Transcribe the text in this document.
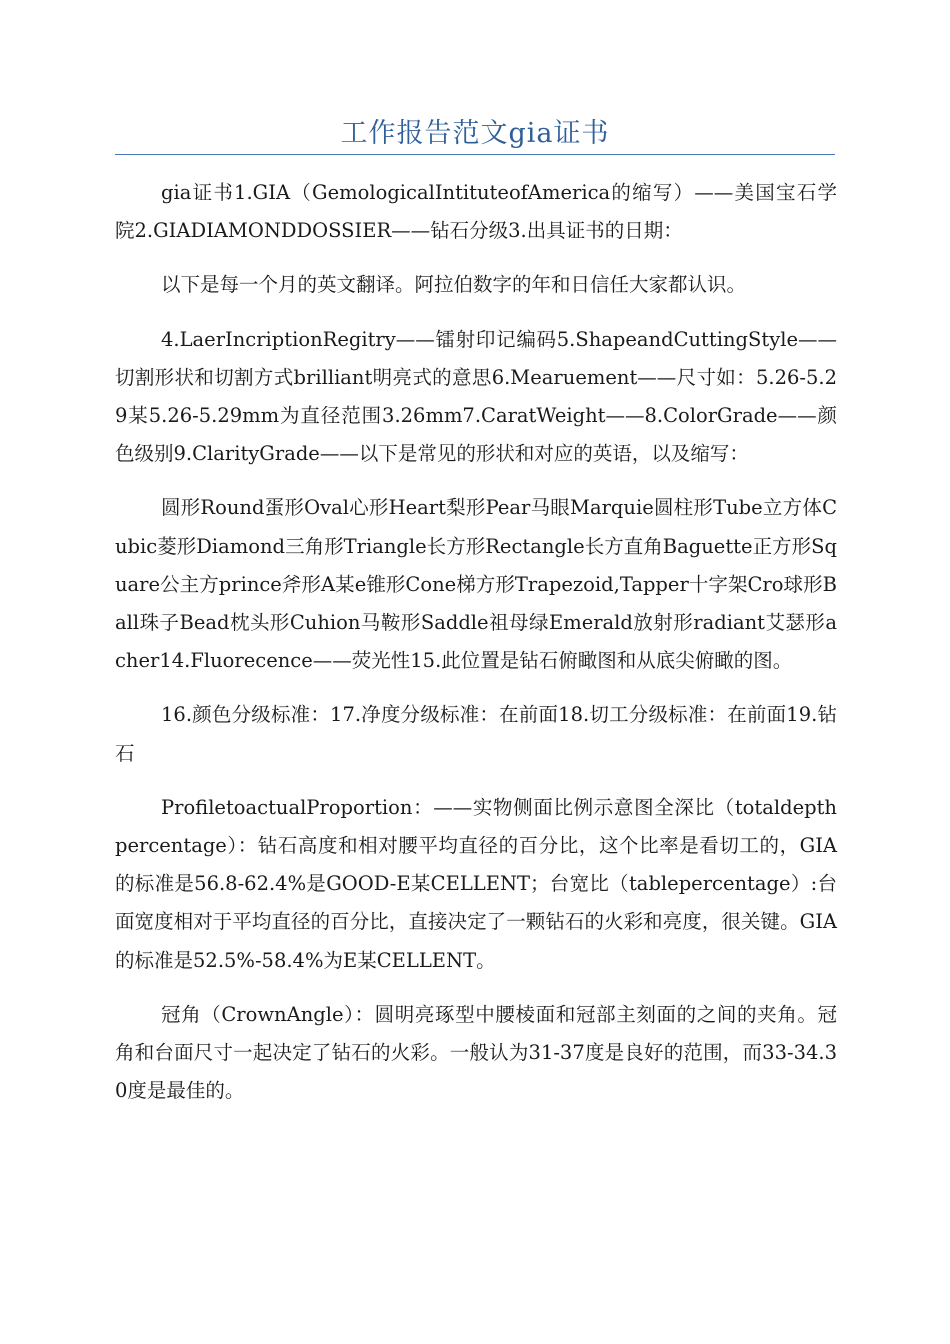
工作报告范文gia证书

gia证书1.GIA（GemologicalIntituteofAmerica的缩写）——美国宝石学院2.GIADIAMONDDOSSIER——钻石分级3.出具证书的日期：

以下是每一个月的英文翻译。阿拉伯数字的年和日信任大家都认识。

4.LaerIncriptionRegitry——镭射印记编码5.ShapeandCuttingStyle——切割形状和切割方式brilliant明亮式的意思6.Mearuement——尺寸如：5.26-5.29某5.26-5.29mm为直径范围3.26mm7.CaratWeight——8.ColorGrade——颜色级别9.ClarityGrade——以下是常见的形状和对应的英语，以及缩写：

圆形Round蛋形Oval心形Heart梨形Pear马眼Marquie圆柱形Tube立方体Cubic菱形Diamond三角形Triangle长方形Rectangle长方直角Baguette正方形Square公主方prince斧形A某e锥形Cone梯方形Trapezoid,Tapper十字架Cro球形Ball珠子Bead枕头形Cuhion马鞍形Saddle祖母绿Emerald放射形radiant艾瑟形acher14.Fluorecence——荧光性15.此位置是钻石俯瞰图和从底尖俯瞰的图。

16.颜色分级标准：17.净度分级标准：在前面18.切工分级标准：在前面19.钻石

ProfiletoactualProportion：——实物侧面比例示意图全深比（totaldepthpercentage）：钻石高度和相对腰平均直径的百分比，这个比率是看切工的，GIA的标准是56.8-62.4%是GOOD-E某CELLENT；台宽比（tablepercentage）:台面宽度相对于平均直径的百分比，直接决定了一颗钻石的火彩和亮度，很关键。GIA的标准是52.5%-58.4%为E某CELLENT。

冠角（CrownAngle）：圆明亮琢型中腰棱面和冠部主刻面的之间的夹角。冠角和台面尺寸一起决定了钻石的火彩。一般认为31-37度是良好的范围，而33-34.30度是最佳的。
